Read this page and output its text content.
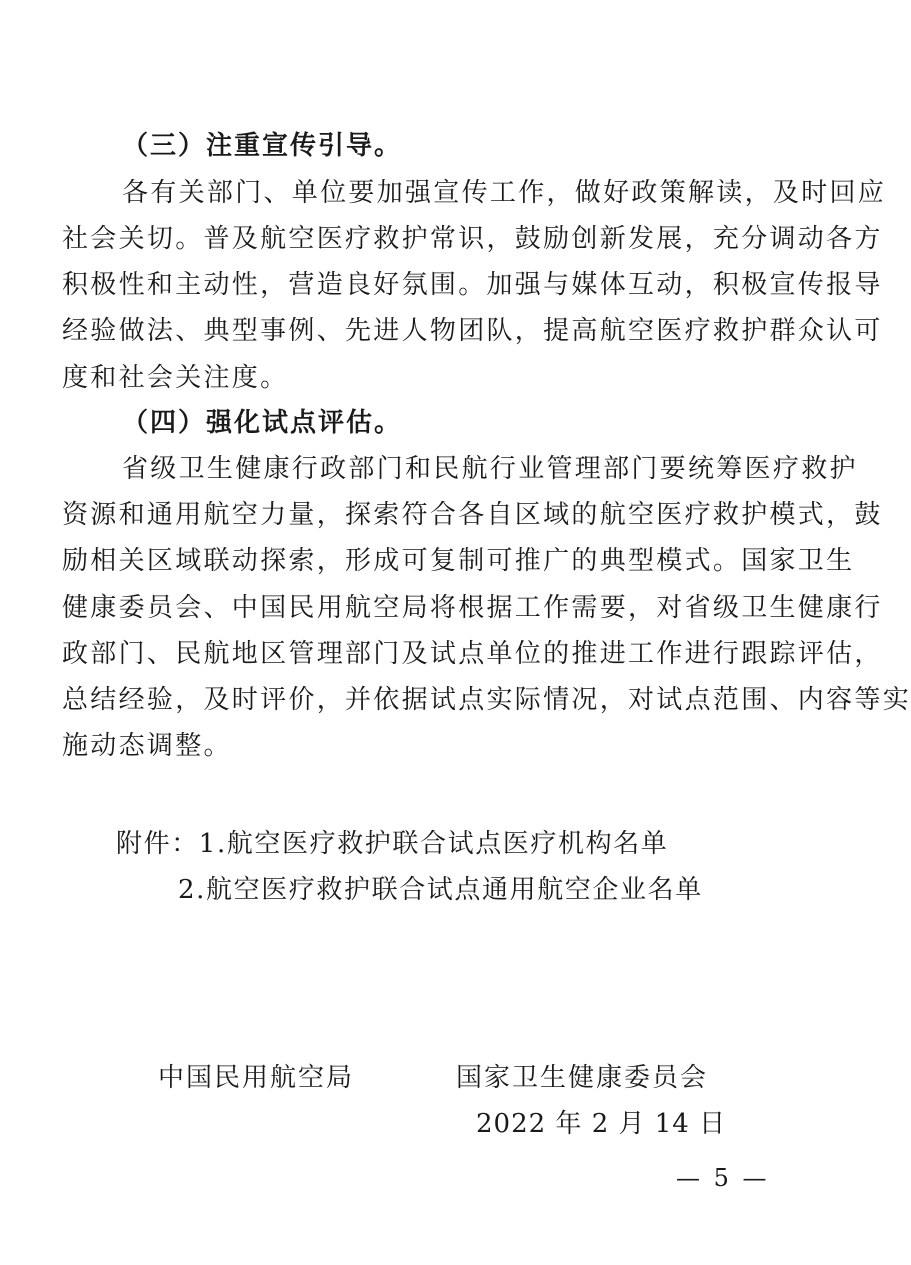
（三）注重宣传引导。
各有关部门、单位要加强宣传工作，做好政策解读，及时回应
社会关切。普及航空医疗救护常识，鼓励创新发展，充分调动各方
积极性和主动性，营造良好氛围。加强与媒体互动，积极宣传报导
经验做法、典型事例、先进人物团队，提高航空医疗救护群众认可
度和社会关注度。
（四）强化试点评估。
省级卫生健康行政部门和民航行业管理部门要统筹医疗救护
资源和通用航空力量，探索符合各自区域的航空医疗救护模式，鼓
励相关区域联动探索，形成可复制可推广的典型模式。国家卫生
健康委员会、中国民用航空局将根据工作需要，对省级卫生健康行
政部门、民航地区管理部门及试点单位的推进工作进行跟踪评估，
总结经验，及时评价，并依据试点实际情况，对试点范围、内容等实
施动态调整。
附件：1.航空医疗救护联合试点医疗机构名单
2.航空医疗救护联合试点通用航空企业名单
中国民用航空局	国家卫生健康委员会
2022 年 2 月 14 日
— 5 —
